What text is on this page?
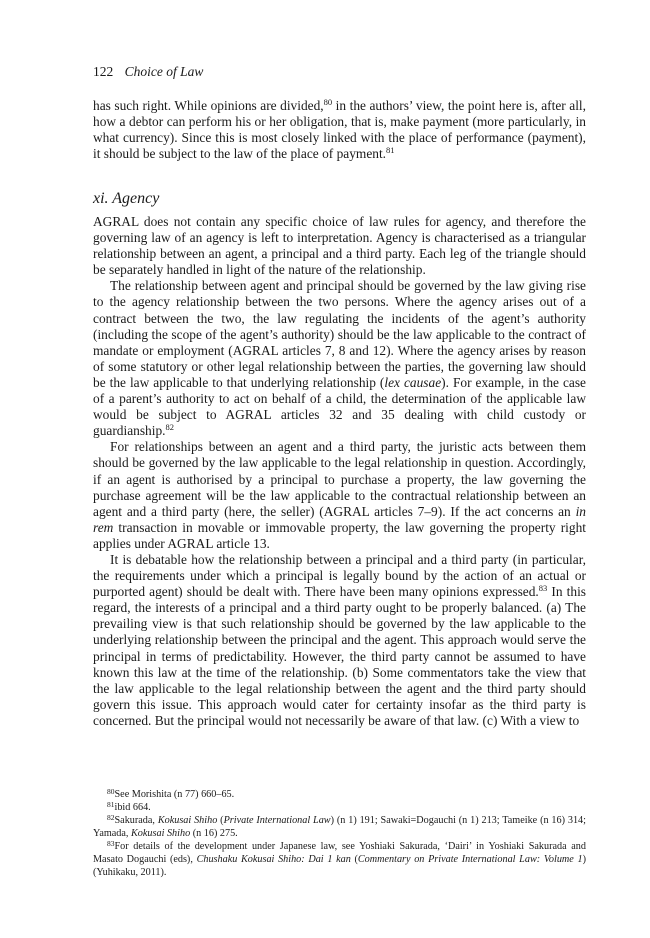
122 Choice of Law

has such right. While opinions are divided,$^{80}$ in the authors’ view, the point here is, after all, how a debtor can perform his or her obligation, that is, make payment (more particularly, in what currency). Since this is most closely linked with the place of performance (payment), it should be subject to the law of the place of payment.$^{81}$

xi. Agency

AGRAL does not contain any specific choice of law rules for agency, and therefore the governing law of an agency is left to interpretation. Agency is characterised as a triangular relationship between an agent, a principal and a third party. Each leg of the triangle should be separately handled in light of the nature of the relationship.

The relationship between agent and principal should be governed by the law giving rise to the agency relationship between the two persons. Where the agency arises out of a contract between the two, the law regulating the incidents of the agent’s authority (including the scope of the agent’s authority) should be the law applicable to the contract of mandate or employment (AGRAL articles 7, 8 and 12). Where the agency arises by reason of some statutory or other legal relationship between the parties, the governing law should be the law applicable to that underlying relationship (lex causae). For example, in the case of a parent’s authority to act on behalf of a child, the determination of the applicable law would be subject to AGRAL articles 32 and 35 dealing with child custody or guardianship.$^{82}$

For relationships between an agent and a third party, the juristic acts between them should be governed by the law applicable to the legal relationship in question. Accordingly, if an agent is authorised by a principal to purchase a property, the law governing the purchase agreement will be the law applicable to the contractual relationship between an agent and a third party (here, the seller) (AGRAL articles 7–9). If the act concerns an in rem transaction in movable or immovable property, the law governing the property right applies under AGRAL article 13.

It is debatable how the relationship between a principal and a third party (in particular, the requirements under which a principal is legally bound by the action of an actual or purported agent) should be dealt with. There have been many opinions expressed.$^{83}$ In this regard, the interests of a principal and a third party ought to be properly balanced. (a) The prevailing view is that such relationship should be governed by the law applicable to the underlying relationship between the principal and the agent. This approach would serve the principal in terms of predictability. However, the third party cannot be assumed to have known this law at the time of the relationship. (b) Some commentators take the view that the law applicable to the legal relationship between the agent and the third party should govern this issue. This approach would cater for certainty insofar as the third party is concerned. But the principal would not necessarily be aware of that law. (c) With a view to

$^{80}$See Morishita (n 77) 660–65.

$^{81}$ibid 664.

$^{82}$Sakurada, Kokusai Shiho (Private International Law) (n 1) 191; Sawaki=Dogauchi (n 1) 213; Tameike (n 16) 314; Yamada, Kokusai Shiho (n 16) 275.

$^{83}$For details of the development under Japanese law, see Yoshiaki Sakurada, ‘Dairi’ in Yoshiaki Sakurada and Masato Dogauchi (eds), Chushaku Kokusai Shiho: Dai 1 kan (Commentary on Private International Law: Volume 1) (Yuhikaku, 2011).
